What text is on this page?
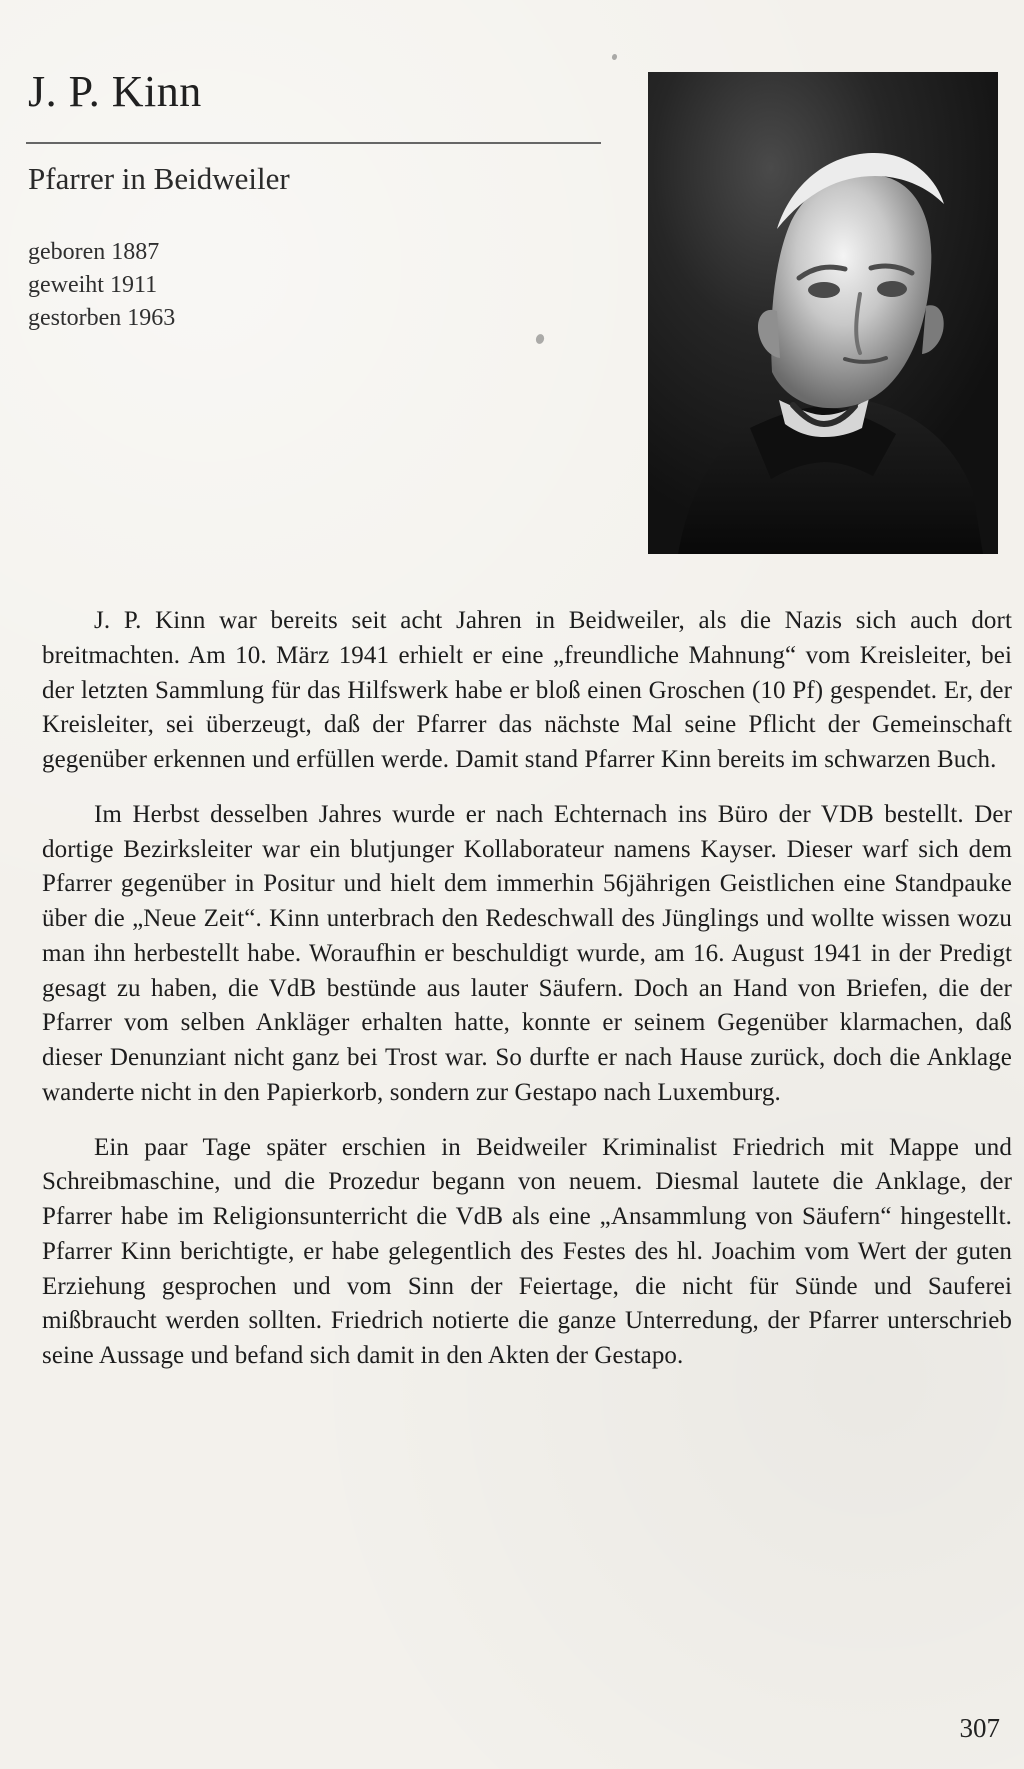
J. P. Kinn
Pfarrer in Beidweiler
geboren 1887
geweiht 1911
gestorben 1963

J. P. Kinn war bereits seit acht Jahren in Beidweiler, als die Nazis sich auch dort breitmachten. Am 10. März 1941 erhielt er eine „freundliche Mahnung“ vom Kreisleiter, bei der letzten Sammlung für das Hilfswerk habe er bloß einen Groschen (10 Pf) gespendet. Er, der Kreisleiter, sei überzeugt, daß der Pfarrer das nächste Mal seine Pflicht der Gemeinschaft gegenüber erkennen und erfüllen werde. Damit stand Pfarrer Kinn bereits im schwarzen Buch.

Im Herbst desselben Jahres wurde er nach Echternach ins Büro der VDB bestellt. Der dortige Bezirksleiter war ein blutjunger Kollaborateur namens Kayser. Dieser warf sich dem Pfarrer gegenüber in Positur und hielt dem immerhin 56jährigen Geistlichen eine Standpauke über die „Neue Zeit“. Kinn unterbrach den Redeschwall des Jünglings und wollte wissen wozu man ihn herbestellt habe. Woraufhin er beschuldigt wurde, am 16. August 1941 in der Predigt gesagt zu haben, die VdB bestünde aus lauter Säufern. Doch an Hand von Briefen, die der Pfarrer vom selben Ankläger erhalten hatte, konnte er seinem Gegenüber klarmachen, daß dieser Denunziant nicht ganz bei Trost war. So durfte er nach Hause zurück, doch die Anklage wanderte nicht in den Papierkorb, sondern zur Gestapo nach Luxemburg.

Ein paar Tage später erschien in Beidweiler Kriminalist Friedrich mit Mappe und Schreibmaschine, und die Prozedur begann von neuem. Diesmal lautete die Anklage, der Pfarrer habe im Religionsunterricht die VdB als eine „Ansammlung von Säufern“ hingestellt. Pfarrer Kinn berichtigte, er habe gelegentlich des Festes des hl. Joachim vom Wert der guten Erziehung gesprochen und vom Sinn der Feiertage, die nicht für Sünde und Sauferei mißbraucht werden sollten. Friedrich notierte die ganze Unterredung, der Pfarrer unterschrieb seine Aussage und befand sich damit in den Akten der Gestapo.

307
